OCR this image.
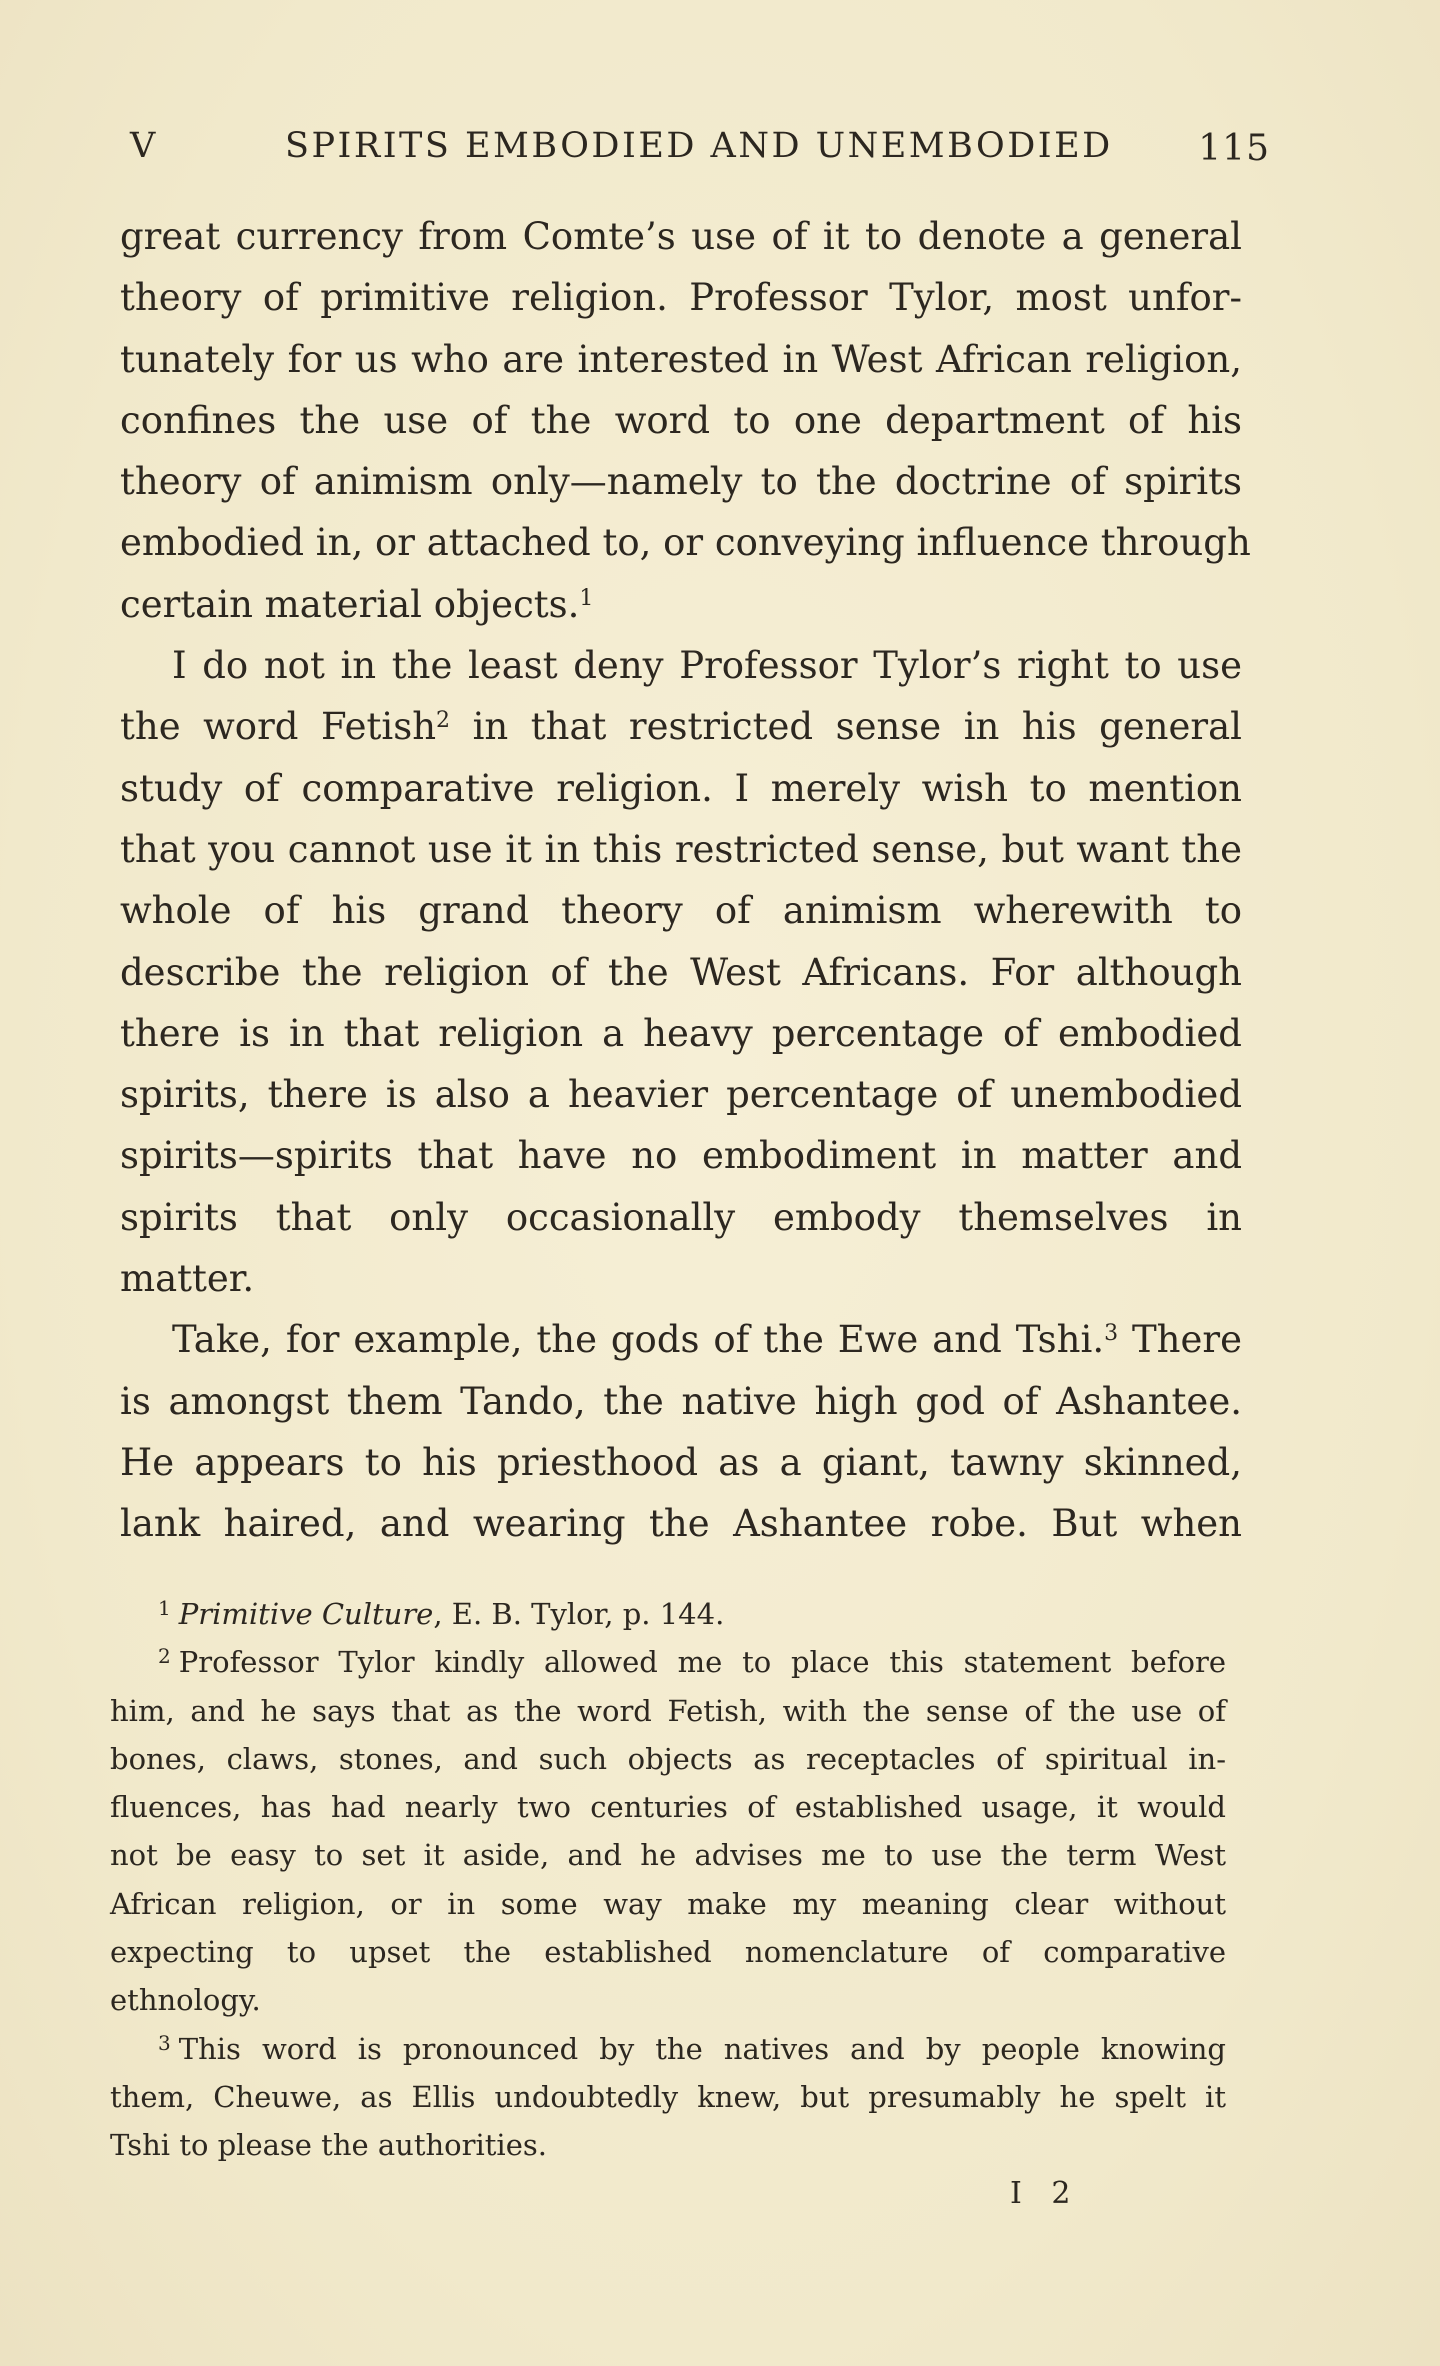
V	SPIRITS EMBODIED AND UNEMBODIED 115
great currency from Comte’s use of it to denote a general
theory of primitive religion. Professor Tylor, most unfor-
tunately for us who are interested in West African religion,
confines the use of the word to one department of his
theory of animism only—namely to the doctrine of spirits
embodied in, or attached to, or conveying influence through
certain material objects.$^1$
I do not in the least deny Professor Tylor’s right to use
the word Fetish$^2$ in that restricted sense in his general
study of comparative religion. I merely wish to mention
that you cannot use it in this restricted sense, but want the
whole of his grand theory of animism wherewith to
describe the religion of the West Africans. For although
there is in that religion a heavy percentage of embodied
spirits, there is also a heavier percentage of unembodied
spirits—spirits that have no embodiment in matter and
spirits that only occasionally embody themselves in
matter.
Take, for example, the gods of the Ewe and Tshi.$^3$ There
is amongst them Tando, the native high god of Ashantee.
He appears to his priesthood as a giant, tawny skinned,
lank haired, and wearing the Ashantee robe. But when
$^1$ Primitive Culture, E. B. Tylor, p. 144.
$^2$ Professor Tylor kindly allowed me to place this statement before
him, and he says that as the word Fetish, with the sense of the use of
bones, claws, stones, and such objects as receptacles of spiritual in-
fluences, has had nearly two centuries of established usage, it would
not be easy to set it aside, and he advises me to use the term West
African religion, or in some way make my meaning clear without
expecting to upset the established nomenclature of comparative
ethnology.
$^3$ This word is pronounced by the natives and by people knowing
them, Cheuwe, as Ellis undoubtedly knew, but presumably he spelt it
Tshi to please the authorities.
I 2
